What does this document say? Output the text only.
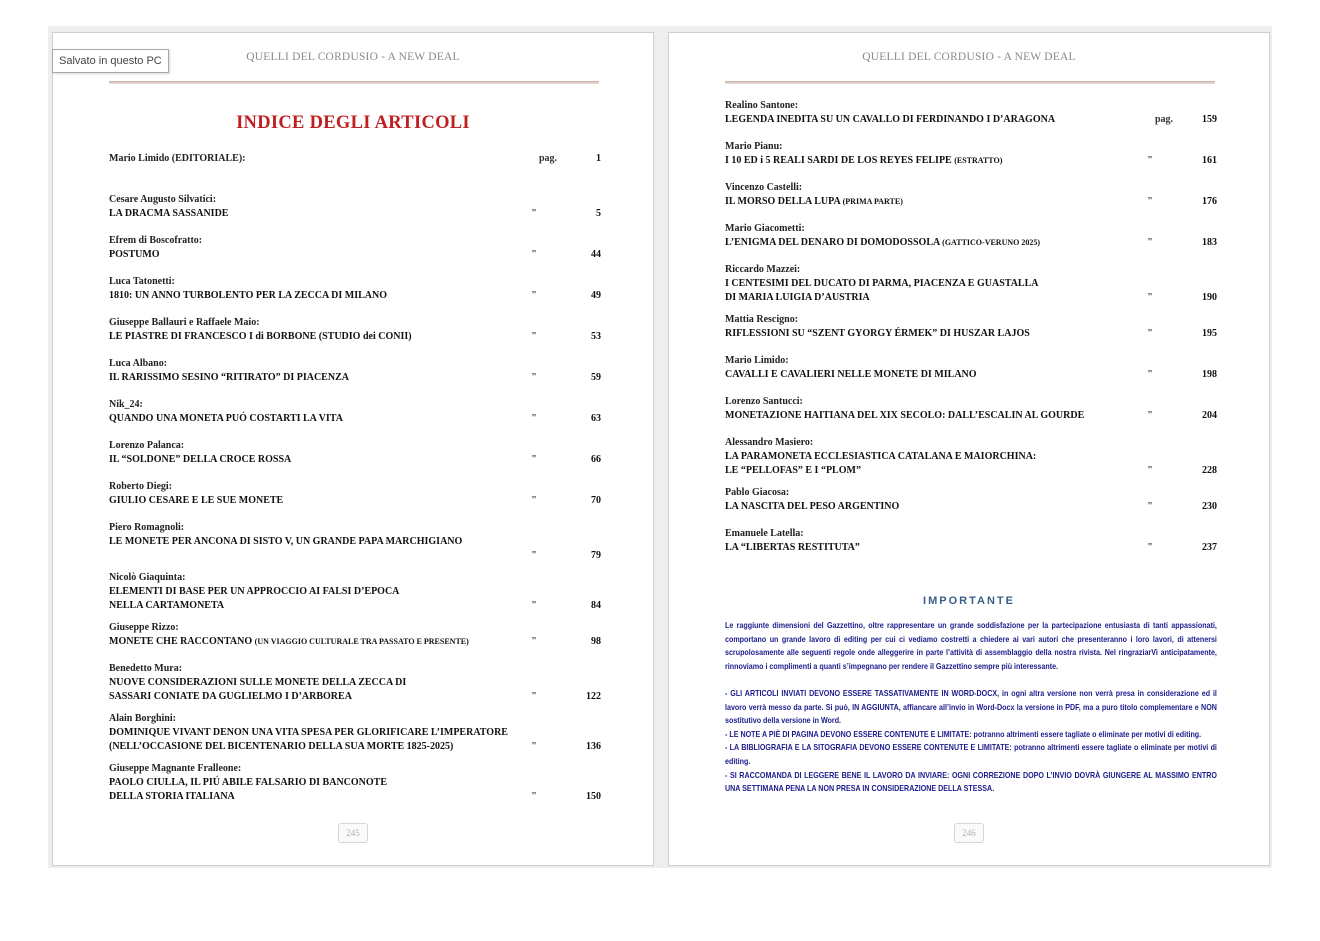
Salvato in questo PC	QUELLI DEL CORDUSIO - A NEW DEAL
INDICE DEGLI ARTICOLI
Mario Limido (EDITORIALE):	pag.	1
Cesare Augusto Silvatici:
LA DRACMA SASSANIDE	"	5
Efrem di Boscofratto:
POSTUMO	"	44
Luca Tatonetti:
1810: UN ANNO TURBOLENTO PER LA ZECCA DI MILANO	"	49
Giuseppe Ballauri e Raffaele Maio:
LE PIASTRE DI FRANCESCO I di BORBONE (STUDIO dei CONII)	"	53
Luca Albano:
IL RARISSIMO SESINO “RITIRATO” DI PIACENZA	"	59
Nik_24:
QUANDO UNA MONETA PUÓ COSTARTI LA VITA	"	63
Lorenzo Palanca:
IL “SOLDONE” DELLA CROCE ROSSA	"	66
Roberto Diegi:
GIULIO CESARE E LE SUE MONETE	"	70
Piero Romagnoli:
LE MONETE PER ANCONA DI SISTO V, UN GRANDE PAPA MARCHIGIANO
"	79
Nicolò Giaquinta:
ELEMENTI DI BASE PER UN APPROCCIO AI FALSI D’EPOCA
NELLA CARTAMONETA	"	84
Giuseppe Rizzo:
MONETE CHE RACCONTANO (UN VIAGGIO CULTURALE TRA PASSATO E PRESENTE)	"	98
Benedetto Mura:
NUOVE CONSIDERAZIONI SULLE MONETE DELLA ZECCA DI
SASSARI CONIATE DA GUGLIELMO I D’ARBOREA	"	122
Alain Borghini:
DOMINIQUE VIVANT DENON UNA VITA SPESA PER GLORIFICARE L’IMPERATORE
(NELL’OCCASIONE DEL BICENTENARIO DELLA SUA MORTE 1825-2025)	"	136
Giuseppe Magnante Fralleone:
PAOLO CIULLA, IL PIÚ ABILE FALSARIO DI BANCONOTE
DELLA STORIA ITALIANA	"	150
245
QUELLI DEL CORDUSIO - A NEW DEAL
Realino Santone:
LEGENDA INEDITA SU UN CAVALLO DI FERDINANDO I D’ARAGONA	pag.	159
Mario Pianu:
I 10 ED i 5 REALI SARDI DE LOS REYES FELIPE (ESTRATTO)	"	161
Vincenzo Castelli:
IL MORSO DELLA LUPA (PRIMA PARTE)	"	176
Mario Giacometti:
L’ENIGMA DEL DENARO DI DOMODOSSOLA (GATTICO-VERUNO 2025)	"	183
Riccardo Mazzei:
I CENTESIMI DEL DUCATO DI PARMA, PIACENZA E GUASTALLA
DI MARIA LUIGIA D’AUSTRIA	"	190
Mattia Rescigno:
RIFLESSIONI SU “SZENT GYORGY ÉRMEK” DI HUSZAR LAJOS	"	195
Mario Limido:
CAVALLI E CAVALIERI NELLE MONETE DI MILANO	"	198
Lorenzo Santucci:
MONETAZIONE HAITIANA DEL XIX SECOLO: DALL’ESCALIN AL GOURDE	"	204
Alessandro Masiero:
LA PARAMONETA ECCLESIASTICA CATALANA E MAIORCHINA:
LE “PELLOFAS” E I “PLOM”	"	228
Pablo Giacosa:
LA NASCITA DEL PESO ARGENTINO	"	230
Emanuele Latella:
LA “LIBERTAS RESTITUTA”	"	237
IMPORTANTE

Le raggiunte dimensioni del Gazzettino, oltre rappresentare un grande soddisfazione per la partecipazione entusiasta di tanti appassionati, comportano un grande lavoro di editing per cui ci vediamo costretti a chiedere ai vari autori che presenteranno i loro lavori, di attenersi scrupolosamente alle seguenti regole onde alleggerire in parte l’attività di assemblaggio della nostra rivista. Nel ringraziarVi anticipatamente, rinnoviamo i complimenti a quanti s’impegnano per rendere il Gazzettino sempre più interessante.

- GLI ARTICOLI INVIATI DEVONO ESSERE TASSATIVAMENTE IN WORD-DOCX, in ogni altra versione non verrà presa in considerazione ed il lavoro verrà messo da parte. Si può, IN AGGIUNTA, affiancare all’invio in Word-Docx la versione in PDF, ma a puro titolo complementare e NON sostitutivo della versione in Word.

- LE NOTE A PIÈ DI PAGINA DEVONO ESSERE CONTENUTE E LIMITATE: potranno altrimenti essere tagliate o eliminate per motivi di editing.

- LA BIBLIOGRAFIA E LA SITOGRAFIA DEVONO ESSERE CONTENUTE E LIMITATE: potranno altrimenti essere tagliate o eliminate per motivi di editing.

- SI RACCOMANDA DI LEGGERE BENE IL LAVORO DA INVIARE: OGNI CORREZIONE DOPO L’INVIO DOVRÀ GIUNGERE AL MASSIMO ENTRO UNA SETTIMANA PENA LA NON PRESA IN CONSIDERAZIONE DELLA STESSA.

246
